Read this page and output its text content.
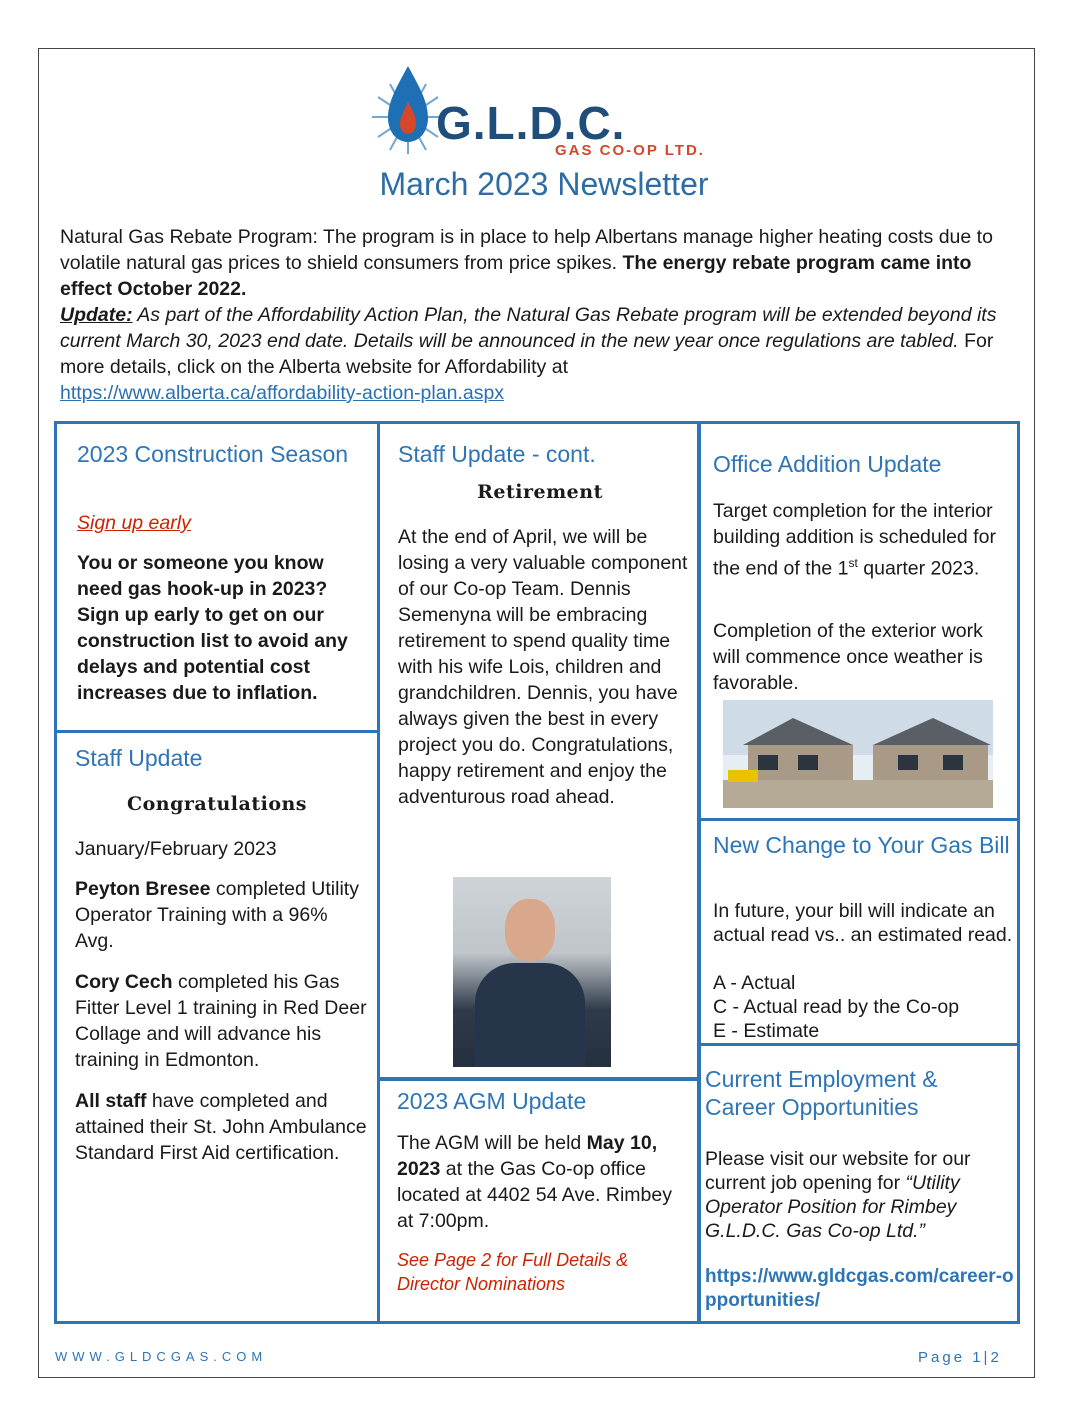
G.L.D.C.
GAS CO-OP LTD.
March 2023 Newsletter
Natural Gas Rebate Program: The program is in place to help Albertans manage higher heating costs due to volatile natural gas prices to shield consumers from price spikes. The energy rebate program came into effect October 2022.
Update: As part of the Affordability Action Plan, the Natural Gas Rebate program will be extended beyond its current March 30, 2023 end date. Details will be announced in the new year once regulations are tabled. For more details, click on the Alberta website for Affordability at
https://www.alberta.ca/affordability-action-plan.aspx
2023 Construction Season
Sign up early
You or someone you know need gas hook-up in 2023? Sign up early to get on our construction list to avoid any delays and potential cost increases due to inflation.
Staff Update
Congratulations
January/February 2023
Peyton Bresee completed Utility Operator Training with a 96% Avg.
Cory Cech completed his Gas Fitter Level 1 training in Red Deer Collage and will advance his training in Edmonton.
All staff have completed and attained their St. John Ambulance Standard First Aid certification.
Staff Update - cont.
Retirement
At the end of April, we will be losing a very valuable component of our Co-op Team. Dennis Semenyna will be embracing retirement to spend quality time with his wife Lois, children and grandchildren. Dennis, you have always given the best in every project you do. Congratulations, happy retirement and enjoy the adventurous road ahead.
2023 AGM Update
The AGM will be held May 10, 2023 at the Gas Co-op office located at 4402 54 Ave. Rimbey at 7:00pm.
See Page 2 for Full Details & Director Nominations
Office Addition Update
Target completion for the interior building addition is scheduled for the end of the 1st quarter 2023.
Completion of the exterior work will commence once weather is favorable.
New Change to Your Gas Bill
In future, your bill will indicate an actual read vs.. an estimated read.
A - Actual
C - Actual read by the Co-op
E - Estimate
Current Employment & Career Opportunities
Please visit our website for our current job opening for “Utility Operator Position for Rimbey G.L.D.C. Gas Co-op Ltd.”
https://www.gldcgas.com/career-opportunities/
WWW.GLDCGAS.COM	Page 1|2
